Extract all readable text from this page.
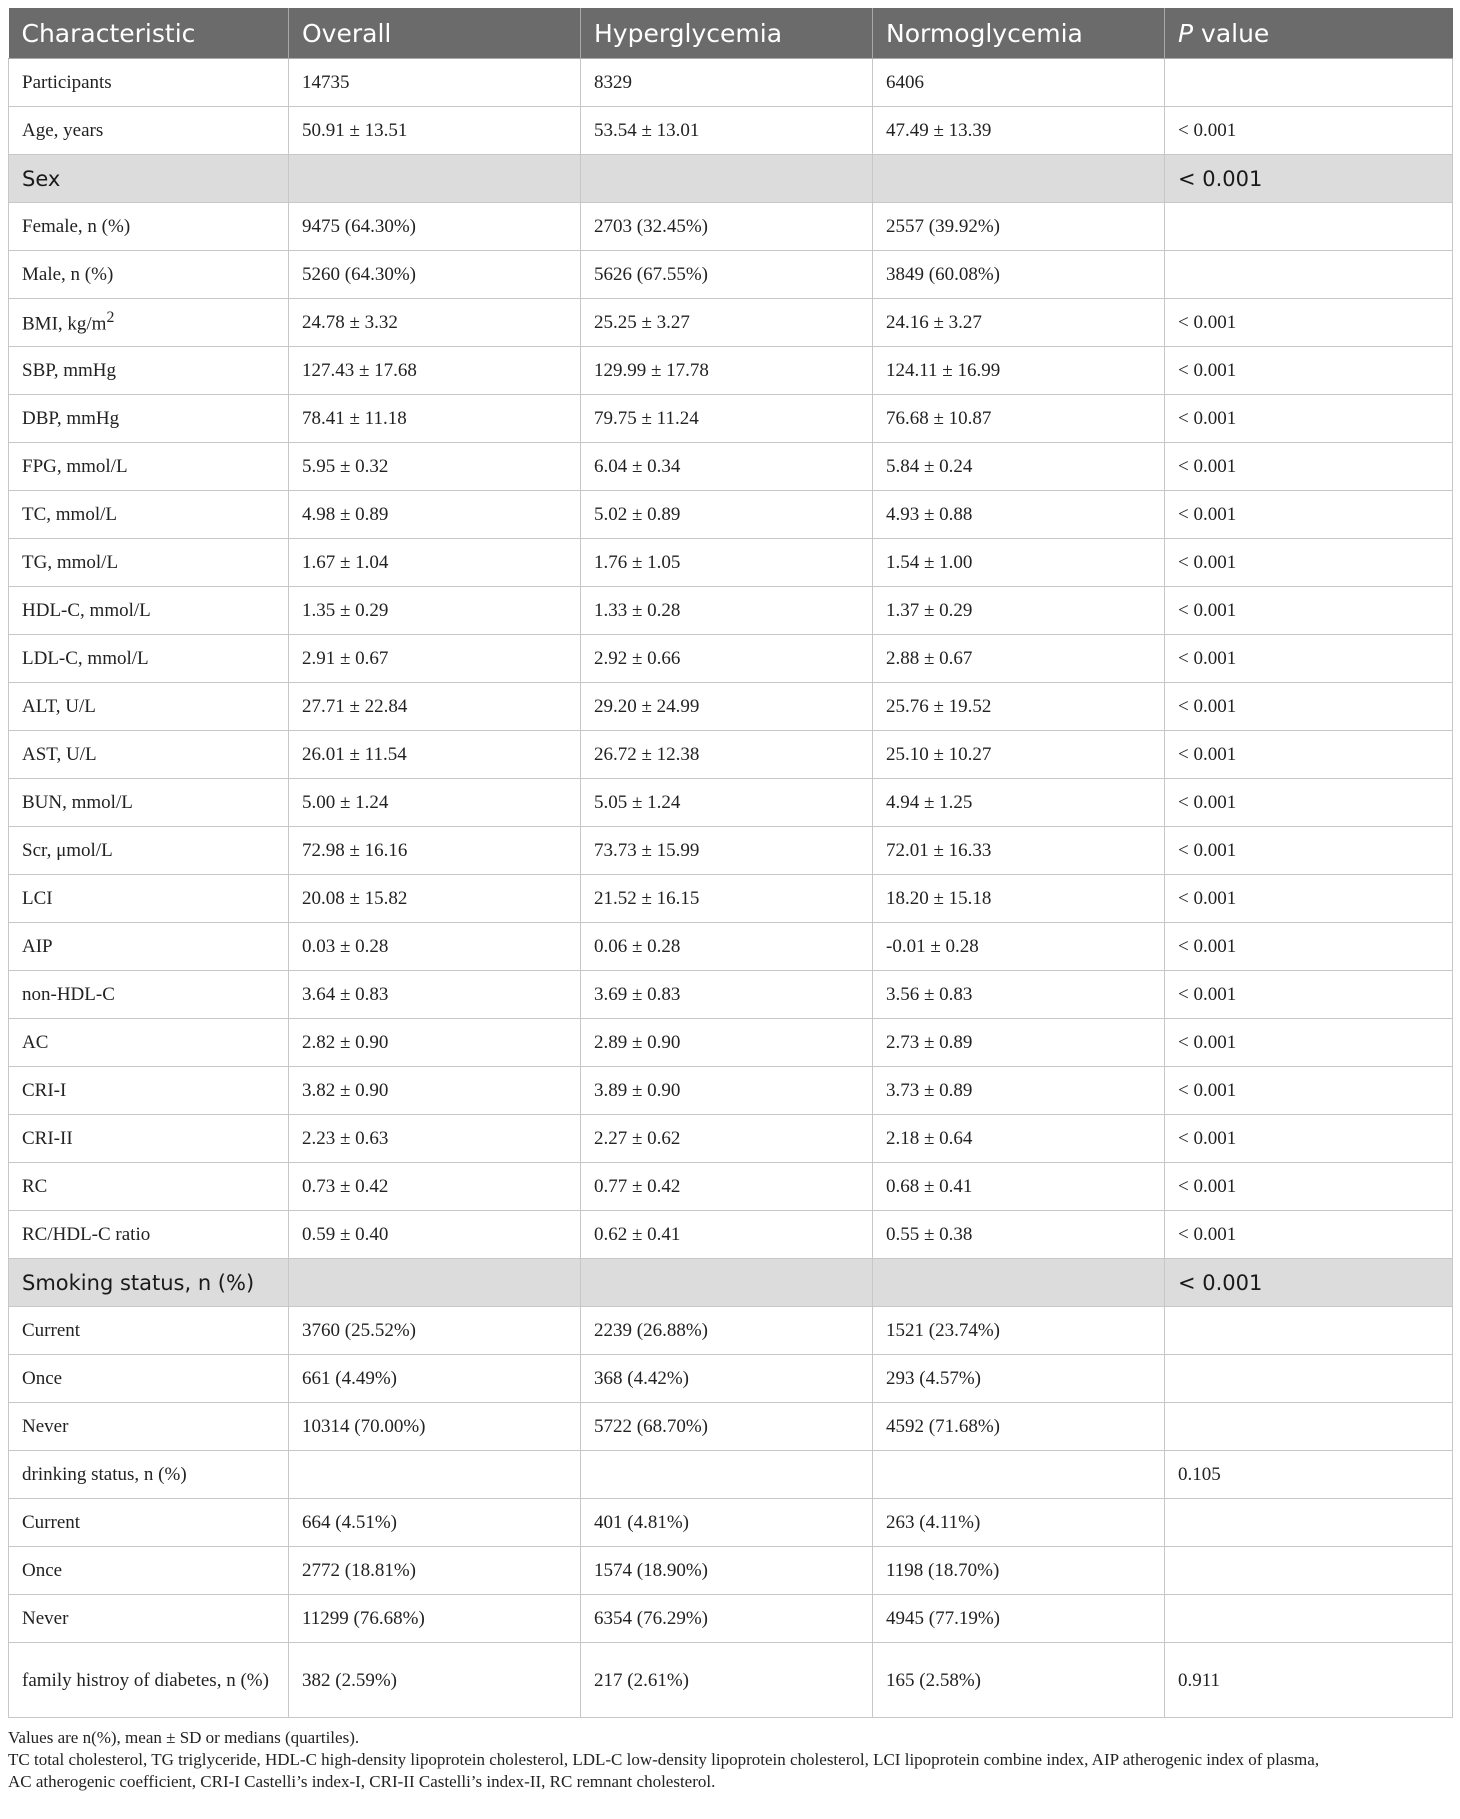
Characteristic	Overall	Hyperglycemia	Normoglycemia	P value
Participants	14735	8329	6406	
Age, years	50.91 ± 13.51	53.54 ± 13.01	47.49 ± 13.39	< 0.001
Sex				< 0.001
Female, n (%)	9475 (64.30%)	2703 (32.45%)	2557 (39.92%)	
Male, n (%)	5260 (64.30%)	5626 (67.55%)	3849 (60.08%)	
BMI, $kg/m^2$	24.78 ± 3.32	25.25 ± 3.27	24.16 ± 3.27	< 0.001
SBP, mmHg	127.43 ± 17.68	129.99 ± 17.78	124.11 ± 16.99	< 0.001
DBP, mmHg	78.41 ± 11.18	79.75 ± 11.24	76.68 ± 10.87	< 0.001
FPG, mmol/L	5.95 ± 0.32	6.04 ± 0.34	5.84 ± 0.24	< 0.001
TC, mmol/L	4.98 ± 0.89	5.02 ± 0.89	4.93 ± 0.88	< 0.001
TG, mmol/L	1.67 ± 1.04	1.76 ± 1.05	1.54 ± 1.00	< 0.001
HDL-C, mmol/L	1.35 ± 0.29	1.33 ± 0.28	1.37 ± 0.29	< 0.001
LDL-C, mmol/L	2.91 ± 0.67	2.92 ± 0.66	2.88 ± 0.67	< 0.001
ALT, U/L	27.71 ± 22.84	29.20 ± 24.99	25.76 ± 19.52	< 0.001
AST, U/L	26.01 ± 11.54	26.72 ± 12.38	25.10 ± 10.27	< 0.001
BUN, mmol/L	5.00 ± 1.24	5.05 ± 1.24	4.94 ± 1.25	< 0.001
Scr, μmol/L	72.98 ± 16.16	73.73 ± 15.99	72.01 ± 16.33	< 0.001
LCI	20.08 ± 15.82	21.52 ± 16.15	18.20 ± 15.18	< 0.001
AIP	0.03 ± 0.28	0.06 ± 0.28	-0.01 ± 0.28	< 0.001
non-HDL-C	3.64 ± 0.83	3.69 ± 0.83	3.56 ± 0.83	< 0.001
AC	2.82 ± 0.90	2.89 ± 0.90	2.73 ± 0.89	< 0.001
CRI-I	3.82 ± 0.90	3.89 ± 0.90	3.73 ± 0.89	< 0.001
CRI-II	2.23 ± 0.63	2.27 ± 0.62	2.18 ± 0.64	< 0.001
RC	0.73 ± 0.42	0.77 ± 0.42	0.68 ± 0.41	< 0.001
RC/HDL-C ratio	0.59 ± 0.40	0.62 ± 0.41	0.55 ± 0.38	< 0.001
Smoking status, n (%)				< 0.001
Current	3760 (25.52%)	2239 (26.88%)	1521 (23.74%)	
Once	661 (4.49%)	368 (4.42%)	293 (4.57%)	
Never	10314 (70.00%)	5722 (68.70%)	4592 (71.68%)	
drinking status, n (%)				0.105
Current	664 (4.51%)	401 (4.81%)	263 (4.11%)	
Once	2772 (18.81%)	1574 (18.90%)	1198 (18.70%)	
Never	11299 (76.68%)	6354 (76.29%)	4945 (77.19%)	
family histroy of diabetes, n (%)	382 (2.59%)	217 (2.61%)	165 (2.58%)	0.911
Values are n(%), mean ± SD or medians (quartiles).
TC total cholesterol, TG triglyceride, HDL-C high-density lipoprotein cholesterol, LDL-C low-density lipoprotein cholesterol, LCI lipoprotein combine index, AIP atherogenic index of plasma,
AC atherogenic coefficient, CRI-I Castelli’s index-I, CRI-II Castelli’s index-II, RC remnant cholesterol.
